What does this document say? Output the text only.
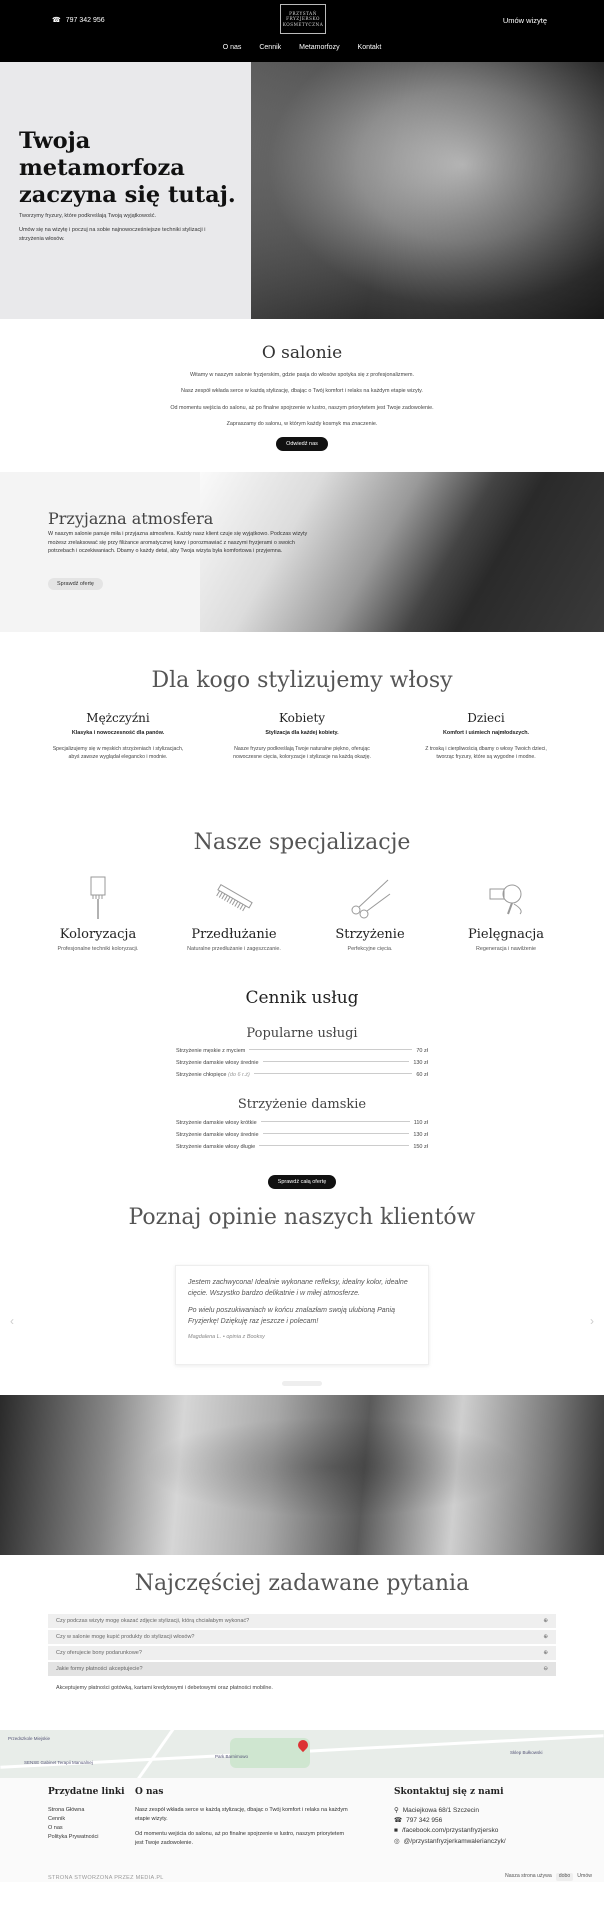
☎ 797 342 956
PRZYSTAŃ
FRYZJERSKO
KOSMETYCZNA	Umów wizytę
O nas	Cennik	Metamorfozy	Kontakt
Twoja
metamorfoza
zaczyna się tutaj.

Tworzymy fryzury, które podkreślają Twoją wyjątkowość.

Umów się na wizytę i poczuj na sobie najnowocześniejsze techniki stylizacji i strzyżenia włosów.

O salonie

Witamy w naszym salonie fryzjerskim, gdzie pasja do włosów spotyka się z profesjonalizmem.

Nasz zespół wkłada serce w każdą stylizację, dbając o Twój komfort i relaks na każdym etapie wizyty.

Od momentu wejścia do salonu, aż po finalne spojrzenie w lustro, naszym priorytetem jest Twoje zadowolenie.

Zapraszamy do salonu, w którym każdy kosmyk ma znaczenie.

Odwiedź nas
Przyjazna atmosfera

W naszym salonie panuje miła i przyjazna atmosfera. Każdy nasz klient czuje się wyjątkowo. Podczas wizyty możesz zrelaksować się przy filiżance aromatycznej kawy i porozmawiać z naszymi fryzjerami o swoich potrzebach i oczekiwaniach. Dbamy o każdy detal, aby Twoja wizyta była komfortowa i przyjemna.

Sprawdź ofertę
Dla kogo stylizujemy włosy
Mężczyźni
Klasyka i nowoczesność dla panów.
Specjalizujemy się w męskich strzyżeniach i stylizacjach, abyś zawsze wyglądał elegancko i modnie.
Kobiety
Stylizacja dla każdej kobiety.
Nasze fryzury podkreślają Twoje naturalne piękno, oferując nowoczesne cięcia, koloryzacje i stylizacje na każdą okazję.
Dzieci
Komfort i uśmiech najmłodszych.
Z troską i cierpliwością dbamy o włosy Twoich dzieci, tworząc fryzury, które są wygodne i modne.
Nasze specjalizacje
Koloryzacja
Profesjonalne techniki koloryzacji.
Przedłużanie
Naturalne przedłużanie i zagęszczanie.
Strzyżenie
Perfekcyjne cięcia.
Pielęgnacja
Regeneracja i nawilżenie
Cennik usług
Popularne usługi
Strzyżenie męskie z myciem	70 zł
Strzyżenie damskie włosy średnie	130 zł
Strzyżenie chłopięce
(do 6 r.ż)	60 zł
Strzyżenie damskie
Strzyżenie damskie włosy krótkie	110 zł
Strzyżenie damskie włosy średnie	130 zł
Strzyżenie damskie włosy długie	150 zł
Sprawdź całą ofertę
Poznaj opinie naszych klientów
‹

Jestem zachwycona! Idealnie wykonane refleksy, idealny kolor, idealne cięcie. Wszystko bardzo delikatnie i w miłej atmosferze.

Po wielu poszukiwaniach w końcu znalazłam swoją ulubioną Panią Fryzjerkę! Dziękuję raz jeszcze i polecam!

Magdalena L. • opinia z Booksy
›
Najczęściej zadawane pytania
Czy podczas wizyty mogę okazać zdjęcie stylizacji, którą chciałabym wykonać?	⊕
Czy w salonie mogę kupić produkty do stylizacji włosów?	⊕
Czy oferujecie bony podarunkowe?	⊕
Jakie formy płatności akceptujecie?	⊖
Akceptujemy płatności gotówką, kartami kredytowymi i debetowymi oraz płatności mobilne.
Przedszkole Miejskie
SENSE Gabinet Terapii Manualnej
Park Barnimowo
Sklep Bułkowski
Przydatne linki
Strona Główna
Cennik
O nas
Polityka Prywatności
O nas
Nasz zespół wkłada serce w każdą stylizację, dbając o Twój komfort i relaks na każdym etapie wizyty.
Od momentu wejścia do salonu, aż po finalne spojrzenie w lustro, naszym priorytetem jest Twoje zadowolenie.
Skontaktuj się z nami
⚲ Maciejkowa 68/1 Szczecin
☎ 797 342 956
■ /facebook.com/przystanfryzjersko
◎ @/przystanfryzjerkamwalerianczyk/
STRONA STWORZONA PRZEZ MEDIA.PL	Nasza strona używa	dobo	Umów
